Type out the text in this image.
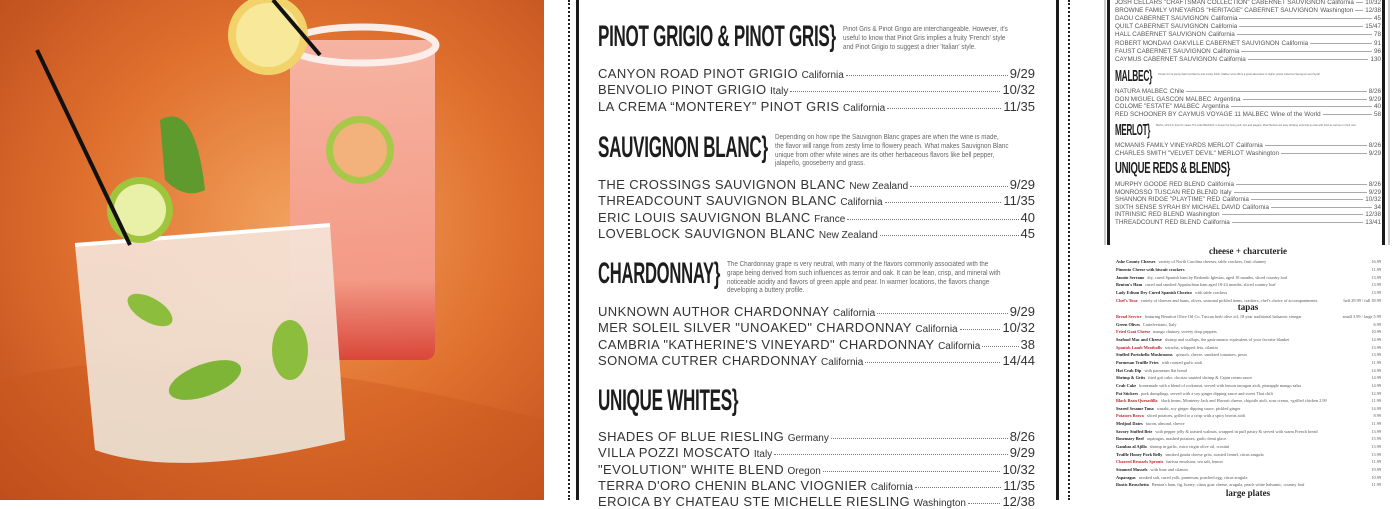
PINOT GRIGIO & PINOT GRIS} Pinot Gris & Pinot Grigio are interchangeable. However, it's useful to know that Pinot Gris implies a fruity 'French' style and Pinot Grigio to suggest a drier 'Italian' style.
CANYON ROAD PINOT GRIGIO California	9/29
BENVOLIO PINOT GRIGIO Italy	10/32
LA CREMA “MONTEREY” PINOT GRIS California	11/35
SAUVIGNON BLANC} Depending on how ripe the Sauvignon Blanc grapes are when the wine is made, the flavor will range from zesty lime to flowery peach. What makes Sauvignon Blanc unique from other white wines are its other herbaceous flavors like bell pepper, jalapeño, gooseberry and grass.
THE CROSSINGS SAUVIGNON BLANC New Zealand	9/29
THREADCOUNT SAUVIGNON BLANC California	11/35
ERIC LOUIS SAUVIGNON BLANC France	40
LOVEBLOCK SAUVIGNON BLANC New Zealand	45
CHARDONNAY} The Chardonnay grape is very neutral, with many of the flavors commonly associated with the grape being derived from such influences as terroir and oak. It can be lean, crisp, and mineral with noticeable acidity and flavors of green apple and pear. In warmer locations, the flavors change developing a buttery profile.
UNKNOWN AUTHOR CHARDONNAY California	9/29
MER SOLEIL SILVER "UNOAKED" CHARDONNAY California	10/32
CAMBRIA "KATHERINE'S VINEYARD" CHARDONNAY California	38
SONOMA CUTRER CHARDONNAY California	14/44
UNIQUE WHITES}
SHADES OF BLUE RIESLING Germany	8/26
VILLA POZZI MOSCATO Italy	9/29
"EVOLUTION" WHITE BLEND Oregon	10/32
TERRA D'ORO CHENIN BLANC VIOGNIER California	11/35
EROICA BY CHATEAU STE MICHELLE RIESLING Washington	12/38
JOSH CELLARS "CRAFTSMAN COLLECTION" CABERNET SAUVIGNON California 10/32
BROWNE FAMILY VINEYARDS "HERITAGE" CABERNET SAUVIGNON Washington 12/38
DAOU CABERNET SAUVIGNON California	45
QUILT CABERNET SAUVIGNON California	15/47
HALL CABERNET SAUVIGNON California	78
ROBERT MONDAVI OAKVILLE CABERNET SAUVIGNON California	91
FAUST CABERNET SAUVIGNON California	96
CAYMUS CABERNET SAUVIGNON California	130
MALBEC} Known for its plump dark fruit flavors and smoky finish, Malbec wine offers a great alternative to higher priced Cabernet Sauvignon and Syrah.
NATURA MALBEC Chile	8/26
DON MIGUEL GASCON MALBEC Argentina	9/29
COLOME "ESTATE" MALBEC Argentina	40
RED SCHOONER BY CAYMUS VOYAGE 11 MALBEC Wine of the World	58
MERLOT} Merlot, which in French means The Little Blackbird, is known for being soft, ripe and elegant. Most Merlots are easy drinking reds that go well with food as well as on their own.
MCMANIS FAMILY VINEYARDS MERLOT California	8/26
CHARLES SMITH "VELVET DEVIL" MERLOT Washington	9/29
UNIQUE REDS & BLENDS}
MURPHY GOODE RED BLEND California	8/26
MONROSSO TUSCAN RED BLEND Italy	9/29
SHANNON RIDGE "PLAYTIME" RED California	10/32
SIXTH SENSE SYRAH BY MICHAEL DAVID California	34
INTRINSIC RED BLEND Washington	12/38
THREADCOUNT RED BLEND California	13/41
cheese + charcuterie
Ashe County Cheeses variety of North Carolina cheeses, table crackers, fruit chutney	16.99
Pimento Cheese with biscuit crackers	11.99
Jamón Serrano dry, cured Spanish ham by Redondo Iglesias, aged 18 months, sliced country loaf	13.99
Benton's Ham cured and smoked Appalachian ham aged 18-24 months, sliced country loaf	13.99
Lady Edison Dry Cured Spanish Chorizo with table crackers	13.99
Chef's Tour variety of cheeses and hams, olives, seasonal pickled items, crackers, chef's choice of accompaniments	half 29.99 / full 39.99
tapas
Bread Service featuring Beaufort Olive Oil Co. Tuscan herb olive oil, 18 year traditional balsamic vinegar	small 3.99 / large 5.99
Green Olives Castelvetrano, Italy	6.99
Fried Goat Cheese mango chutney, sweety drop peppers	10.99
Seafood Mac and Cheese shrimp and scallops, the gastronomic equivalent of your favorite blanket	14.99
Spanish Lamb Meatballs sriracha, whipped feta, cilantro	13.99
Stuffed Portobello Mushrooms spinach, chevre, sundried tomatoes, pesto	13.99
Parmesan Truffle Fries with roasted garlic aioli	11.99
Hot Crab Dip with parmesan flat bread	14.99
Shrimp & Grits fried grit cake, chorizo sautéed shrimp & Cajun cream sauce	14.99
Crab Cake homemade with a blend of rockmeat, served with lemon tarragon aioli, pineapple mango salsa	14.99
Pot Stickers pork dumplings, served with a soy ginger dipping sauce and sweet Thai chili	12.99
Black Bean Quesadilla black beans, Monterey Jack and Havarti cheese, chipotle aioli, sour cream, +grilled chicken 2.99	11.99
Seared Sesame Tuna wasabi, soy ginger dipping sauce, pickled ginger	14.99
Potatoes Brava sliced potatoes, grilled to a crisp with a spicy bravas aioli	8.99
Medjool Dates bacon, almond, chevre	11.99
Savory Stuffed Brie with pepper jelly & toasted walnuts, wrapped in puff pastry & served with warm French bread	13.99
Rosemary Beef asparagus, mashed potatoes, garlic demi glace	15.99
Gambas al Ajillo shrimp in garlic, extra virgin olive oil, crostini	13.99
Truffle Honey Pork Belly smoked gouda cheese grits, roasted fennel, citrus arugula	13.99
Charred Brussels Sprouts harissa emulsion, sea salt, lemon	11.99
Steamed Mussels with lime and cilantro	19.99
Asparagus smoked salt, cured yolk, parmesan, poached egg, citrus arugula	10.99
Rustic Bruschetta Benton's ham, fig, honey, citrus goat cheese, arugula, peach white balsamic, country loaf	11.99
large plates
